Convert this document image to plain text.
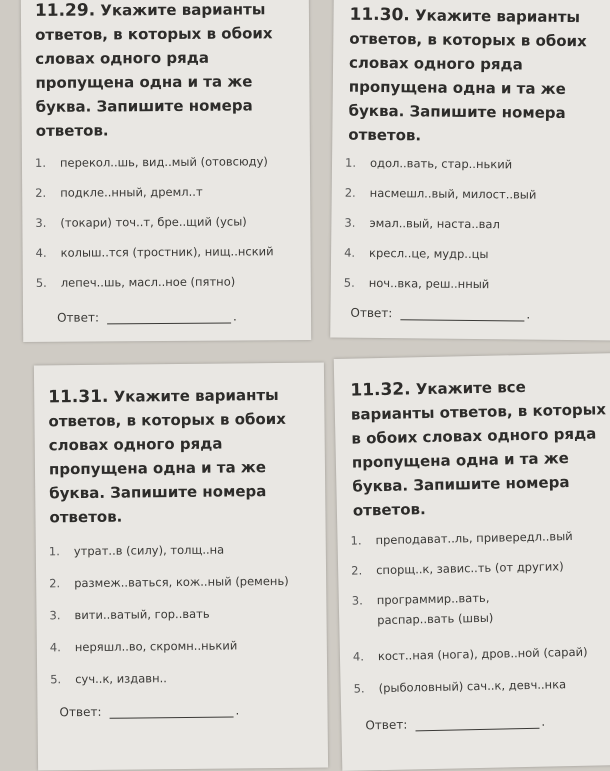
11.29. Укажите варианты ответов, в которых в обоих словах одного ряда пропущена одна и та же буква. Запишите номера ответов.

1. перекол..шь, вид..мый (отовсюду)
2. подкле..нный, дремл..т
3. (токари) точ..т, бре..щий (усы)
4. колыш..тся (тростник), нищ..нский
5. лепеч..шь, масл..ное (пятно)
Ответ:	.

11.30. Укажите варианты ответов, в которых в обоих словах одного ряда пропущена одна и та же буква. Запишите номера ответов.

1. одол..вать, стар..нький
2. насмешл..вый, милост..вый
3. эмал..вый, наста..вал
4. кресл..це, мудр..цы
5. ноч..вка, реш..нный
Ответ:	.

11.31. Укажите варианты ответов, в которых в обоих словах одного ряда пропущена одна и та же буква. Запишите номера ответов.

1. утрат..в (силу), толщ..на
2. размеж..ваться, кож..ный (ремень)
3. вити..ватый, гор..вать
4. неряшл..во, скромн..нький
5. суч..к, издавн..
Ответ:	.

11.32. Укажите все варианты ответов, в которых в обоих словах одного ряда пропущена одна и та же буква. Запишите номера ответов.

1. преподават..ль, привередл..вый
2. спорщ..к, завис..ть (от других)
3. программир..вать, распар..вать (швы)
4. кост..ная (нога), дров..ной (сарай)
5. (рыболовный) сач..к, девч..нка
Ответ:	.
